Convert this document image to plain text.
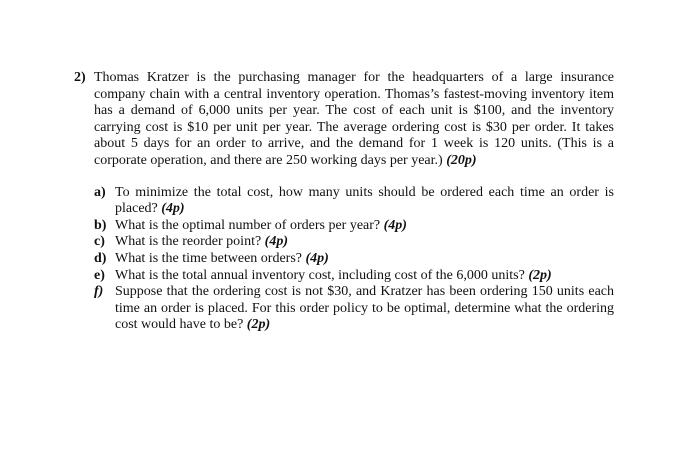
2) Thomas Kratzer is the purchasing manager for the headquarters of a large insurance company chain with a central inventory operation. Thomas’s fastest-moving inventory item has a demand of 6,000 units per year. The cost of each unit is $100, and the inventory carrying cost is $10 per unit per year. The average ordering cost is $30 per order. It takes about 5 days for an order to arrive, and the demand for 1 week is 120 units. (This is a corporate operation, and there are 250 working days per year.) (20p)
a) To minimize the total cost, how many units should be ordered each time an order is placed? (4p)
b) What is the optimal number of orders per year? (4p)
c) What is the reorder point? (4p)
d) What is the time between orders? (4p)
e) What is the total annual inventory cost, including cost of the 6,000 units? (2p)
f) Suppose that the ordering cost is not $30, and Kratzer has been ordering 150 units each time an order is placed. For this order policy to be optimal, determine what the ordering cost would have to be? (2p)
